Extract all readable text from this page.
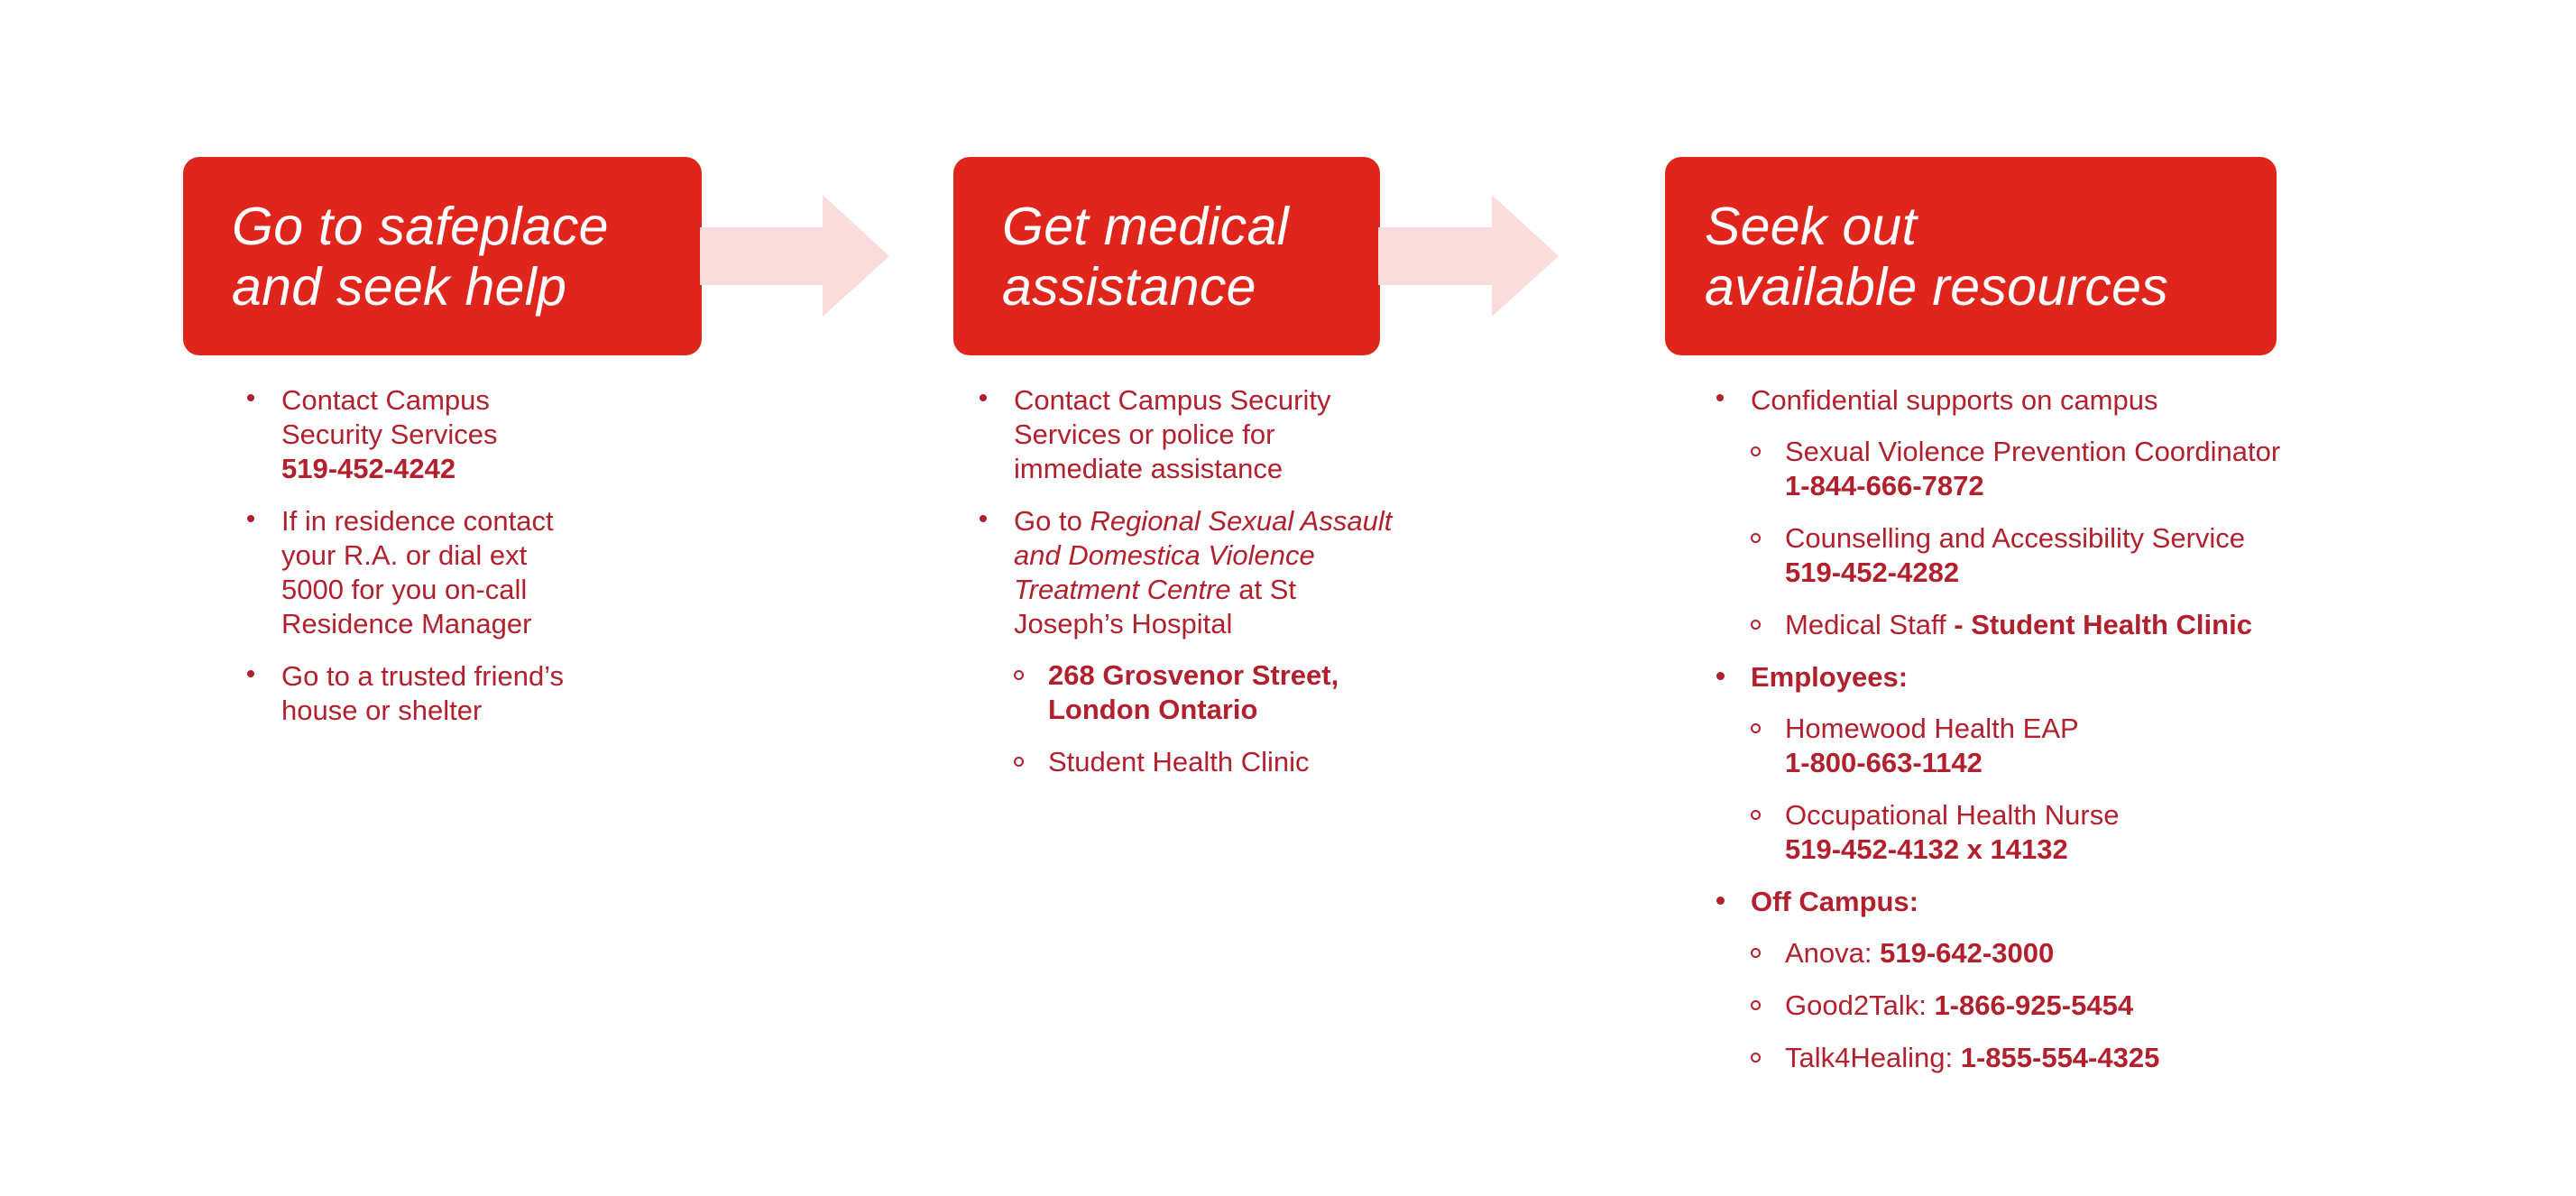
Go to safeplace
and seek help
Get medical
assistance
Seek out
available resources
Contact Campus
Security Services
519-452-4242
If in residence contact
your R.A. or dial ext
5000 for you on-call
Residence Manager
Go to a trusted friend’s
house or shelter
Contact Campus Security
Services or police for
immediate assistance
Go to Regional Sexual Assault
and Domestica Violence
Treatment Centre at St
Joseph’s Hospital
268 Grosvenor Street,
London Ontario
Student Health Clinic
Confidential supports on campus
Sexual Violence Prevention Coordinator
1-844-666-7872
Counselling and Accessibility Service
519-452-4282
Medical Staff - Student Health Clinic
Employees:
Homewood Health EAP
1-800-663-1142
Occupational Health Nurse
519-452-4132 x 14132
Off Campus:
Anova: 519-642-3000
Good2Talk: 1-866-925-5454
Talk4Healing: 1-855-554-4325
